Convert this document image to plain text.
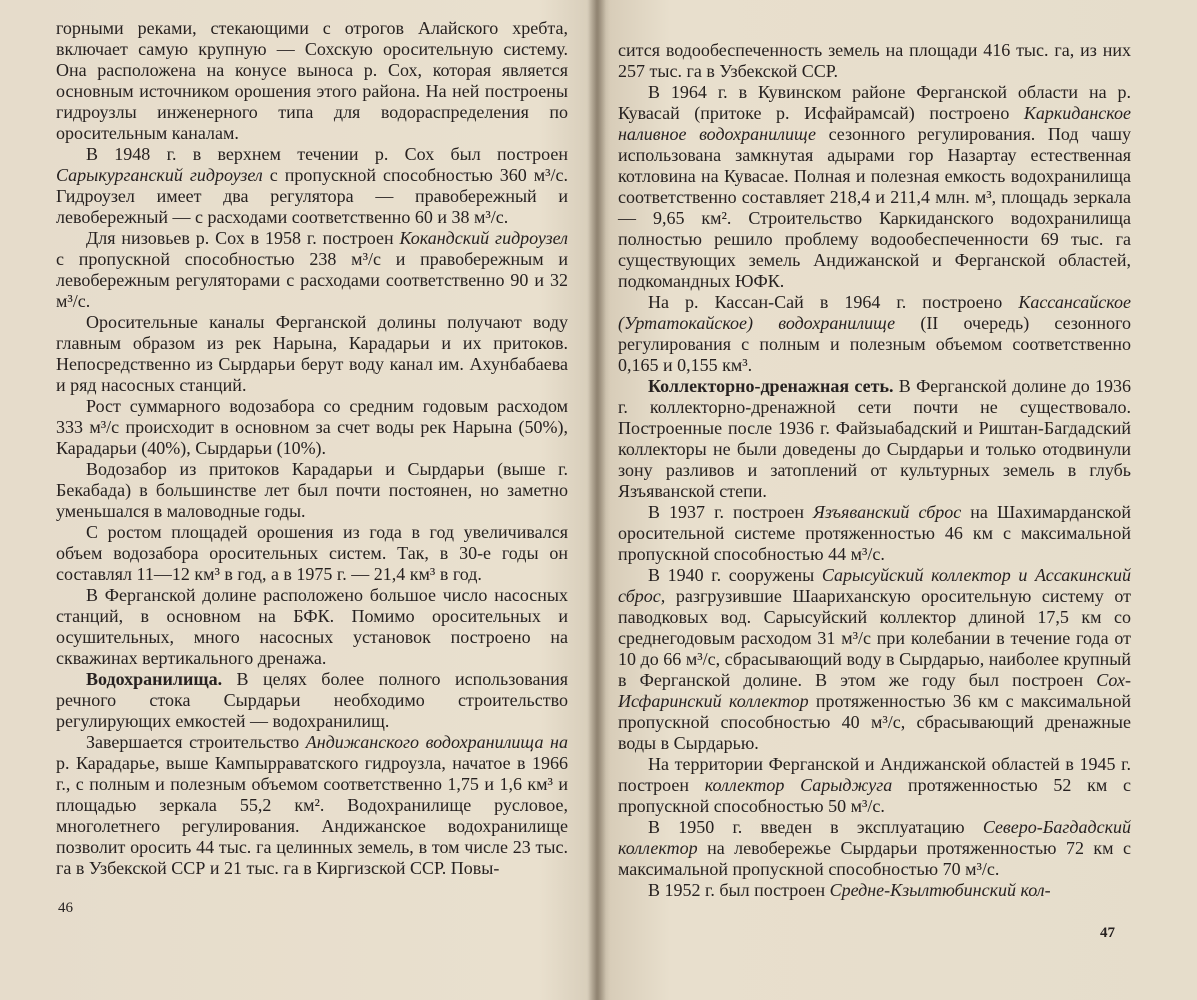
горными реками, стекающими с отрогов Алайского хребта, включает самую крупную — Сохскую оросительную систему. Она расположена на конусе выноса р. Сох, которая является основным источником орошения этого района. На ней построены гидроузлы инженерного типа для водораспределения по оросительным каналам.

В 1948 г. в верхнем течении р. Сох был построен Сарыкурганский гидроузел с пропускной способностью 360 м³/с. Гидроузел имеет два регулятора — правобережный и левобережный — с расходами соответственно 60 и 38 м³/с.

Для низовьев р. Сох в 1958 г. построен Кокандский гидроузел с пропускной способностью 238 м³/с и правобережным и левобережным регуляторами с расходами соответственно 90 и 32 м³/с.

Оросительные каналы Ферганской долины получают воду главным образом из рек Нарына, Карадарьи и их притоков. Непосредственно из Сырдарьи берут воду канал им. Ахунбабаева и ряд насосных станций.

Рост суммарного водозабора со средним годовым расходом 333 м³/с происходит в основном за счет воды рек Нарына (50%), Карадарьи (40%), Сырдарьи (10%).

Водозабор из притоков Карадарьи и Сырдарьи (выше г. Бекабада) в большинстве лет был почти постоянен, но заметно уменьшался в маловодные годы.

С ростом площадей орошения из года в год увеличивался объем водозабора оросительных систем. Так, в 30-е годы он составлял 11—12 км³ в год, а в 1975 г. — 21,4 км³ в год.

В Ферганской долине расположено большое число насосных станций, в основном на БФК. Помимо оросительных и осушительных, много насосных установок построено на скважинах вертикального дренажа.

Водохранилища. В целях более полного использования речного стока Сырдарьи необходимо строительство регулирующих емкостей — водохранилищ.

Завершается строительство Андижанского водохранилища на р. Карадарье, выше Кампырраватского гидроузла, начатое в 1966 г., с полным и полезным объемом соответственно 1,75 и 1,6 км³ и площадью зеркала 55,2 км². Водохранилище русловое, многолетнего регулирования. Андижанское водохранилище позволит оросить 44 тыс. га целинных земель, в том числе 23 тыс. га в Узбекской ССР и 21 тыс. га в Киргизской ССР. Повы-

46

сится водообеспеченность земель на площади 416 тыс. га, из них 257 тыс. га в Узбекской ССР.

В 1964 г. в Кувинском районе Ферганской области на р. Кувасай (притоке р. Исфайрамсай) построено Каркиданское наливное водохранилище сезонного регулирования. Под чашу использована замкнутая адырами гор Назартау естественная котловина на Кувасае. Полная и полезная емкость водохранилища соответственно составляет 218,4 и 211,4 млн. м³, площадь зеркала — 9,65 км². Строительство Каркиданского водохранилища полностью решило проблему водообеспеченности 69 тыс. га существующих земель Андижанской и Ферганской областей, подкомандных ЮФК.

На р. Кассан-Сай в 1964 г. построено Кассансайское (Уртатокайское) водохранилище (II очередь) сезонного регулирования с полным и полезным объемом соответственно 0,165 и 0,155 км³.

Коллекторно-дренажная сеть. В Ферганской долине до 1936 г. коллекторно-дренажной сети почти не существовало. Построенные после 1936 г. Файзыабадский и Риштан-Багдадский коллекторы не были доведены до Сырдарьи и только отодвинули зону разливов и затоплений от культурных земель в глубь Язъяванской степи.

В 1937 г. построен Язъяванский сброс на Шахимарданской оросительной системе протяженностью 46 км с максимальной пропускной способностью 44 м³/с.

В 1940 г. сооружены Сарысуйский коллектор и Ассакинский сброс, разгрузившие Шаариханскую оросительную систему от паводковых вод. Сарысуйский коллектор длиной 17,5 км со среднегодовым расходом 31 м³/с при колебании в течение года от 10 до 66 м³/с, сбрасывающий воду в Сырдарью, наиболее крупный в Ферганской долине. В этом же году был построен Сох-Исфаринский коллектор протяженностью 36 км с максимальной пропускной способностью 40 м³/с, сбрасывающий дренажные воды в Сырдарью.

На территории Ферганской и Андижанской областей в 1945 г. построен коллектор Сарыджуга протяженностью 52 км с пропускной способностью 50 м³/с.

В 1950 г. введен в эксплуатацию Северо-Багдадский коллектор на левобережье Сырдарьи протяженностью 72 км с максимальной пропускной способностью 70 м³/с.

В 1952 г. был построен Средне-Кзылтюбинский кол-

47
